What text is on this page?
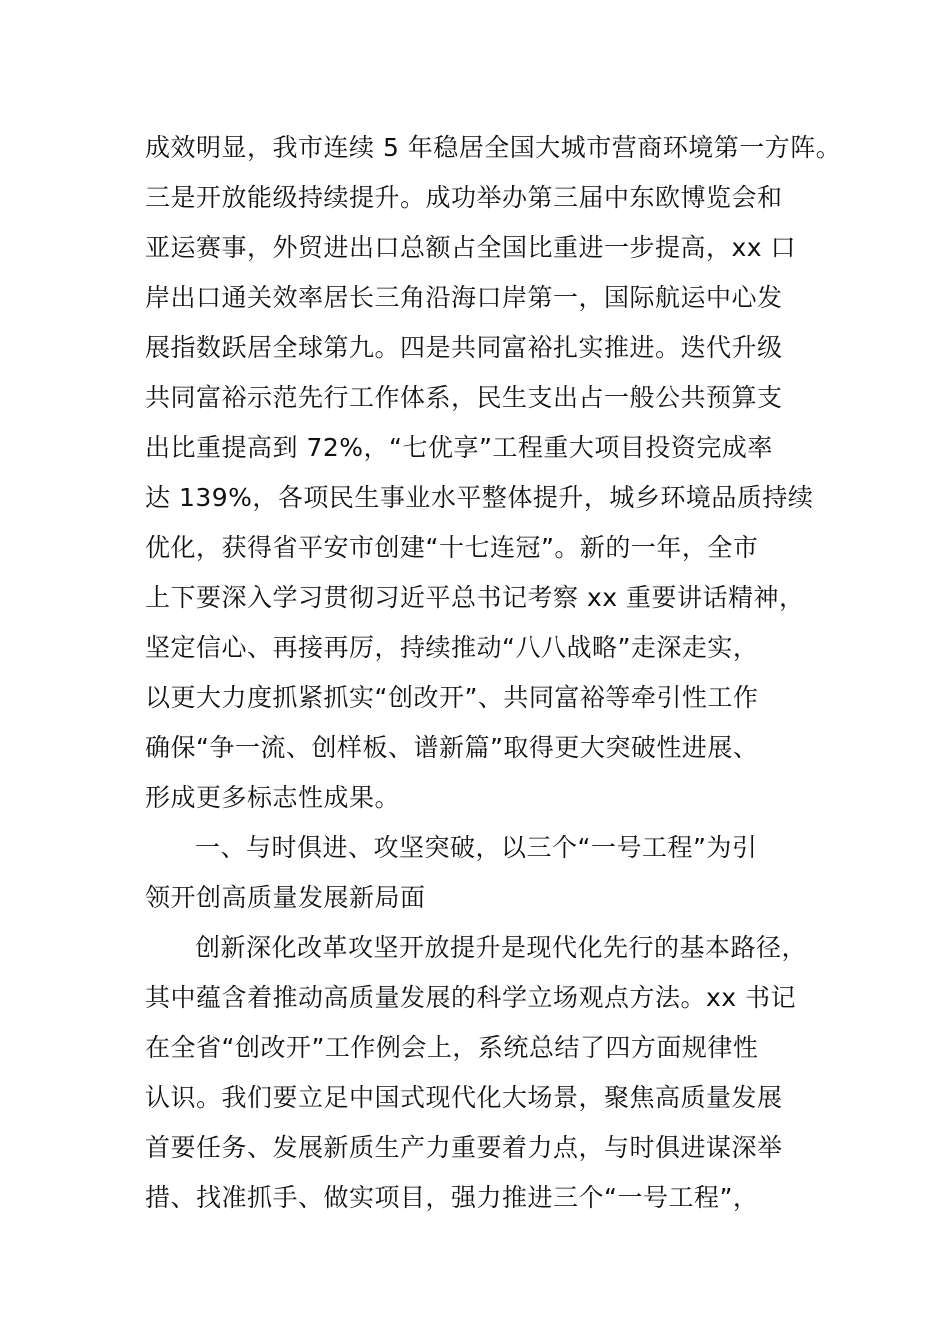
成效明显，我市连续 5 年稳居全国大城市营商环境第一方阵。
三是开放能级持续提升。成功举办第三届中东欧博览会和
亚运赛事，外贸进出口总额占全国比重进一步提高，xx 口
岸出口通关效率居长三角沿海口岸第一，国际航运中心发
展指数跃居全球第九。四是共同富裕扎实推进。迭代升级
共同富裕示范先行工作体系，民生支出占一般公共预算支
出比重提高到 72%，“七优享”工程重大项目投资完成率
达 139%，各项民生事业水平整体提升，城乡环境品质持续
优化，获得省平安市创建“十七连冠”。新的一年，全市
上下要深入学习贯彻习近平总书记考察 xx 重要讲话精神，
坚定信心、再接再厉，持续推动“八八战略”走深走实，
以更大力度抓紧抓实“创改开”、共同富裕等牵引性工作
确保“争一流、创样板、谱新篇”取得更大突破性进展、
形成更多标志性成果。
一、与时俱进、攻坚突破，以三个“一号工程”为引
领开创高质量发展新局面
创新深化改革攻坚开放提升是现代化先行的基本路径，
其中蕴含着推动高质量发展的科学立场观点方法。xx 书记
在全省“创改开”工作例会上，系统总结了四方面规律性
认识。我们要立足中国式现代化大场景，聚焦高质量发展
首要任务、发展新质生产力重要着力点，与时俱进谋深举
措、找准抓手、做实项目，强力推进三个“一号工程”，
